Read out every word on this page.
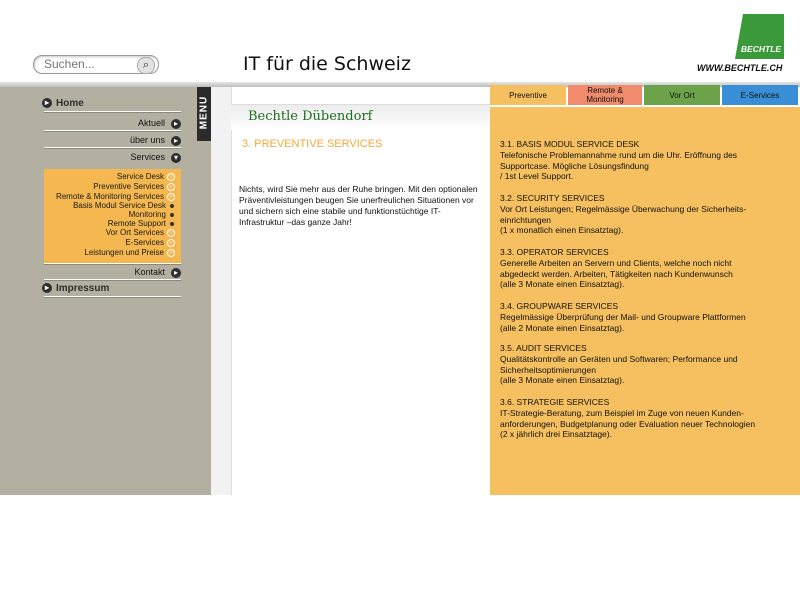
Suchen...
⌕	IT für die Schweiz
BECHTLE
WWW.BECHTLE.CH
MENU
▸ Home
Aktuell ▸
über uns ▸
Services ▾
Service Desk ›
Preventive Services ›
Remote & Monitoring Services ›
Basis Modul Service Desk
Monitoring
Remote Support
Vor Ort Services ›
E-Services ›
Leistungen und Preise ›
Kontakt ▸
▸ Impressum
Bechtle Dübendorf
3. PREVENTIVE SERVICES
Nichts, wird Sie mehr aus der Ruhe bringen. Mit den optionalen Präventivleistungen beugen Sie unerfreulichen Situationen vor und sichern sich eine stabile und funktionstüchtige IT-Infrastruktur –das ganze Jahr!
Preventive	Remote & Monitoring	Vor Ort	E-Services
3.1. BASIS MODUL SERVICE DESK
Telefonische Problemannahme rund um die Uhr. Eröffnung des
Supportcase. Mögliche Lösungsfindung
/ 1st Level Support.
3.2. SECURITY SERVICES
Vor Ort Leistungen; Regelmässige Überwachung der Sicherheits-
einrichtungen
(1 x monatlich einen Einsatztag).
3.3. OPERATOR SERVICES
Generelle Arbeiten an Servern und Clients, welche noch nicht
abgedeckt werden. Arbeiten, Tätigkeiten nach Kundenwunsch
(alle 3 Monate einen Einsatztag).
3.4. GROUPWARE SERVICES
Regelmässige Überprüfung der Mail- und Groupware Plattformen
(alle 2 Monate einen Einsatztag).
3.5. AUDIT SERVICES
Qualitätskontrolle an Geräten und Softwaren; Performance und
Sicherheitsoptimierungen
(alle 3 Monate einen Einsatztag).
3.6. STRATEGIE SERVICES
IT-Strategie-Beratung, zum Beispiel im Zuge von neuen Kunden-
anforderungen, Budgetplanung oder Evaluation neuer Technologien
(2 x jährlich drei Einsatztage).
